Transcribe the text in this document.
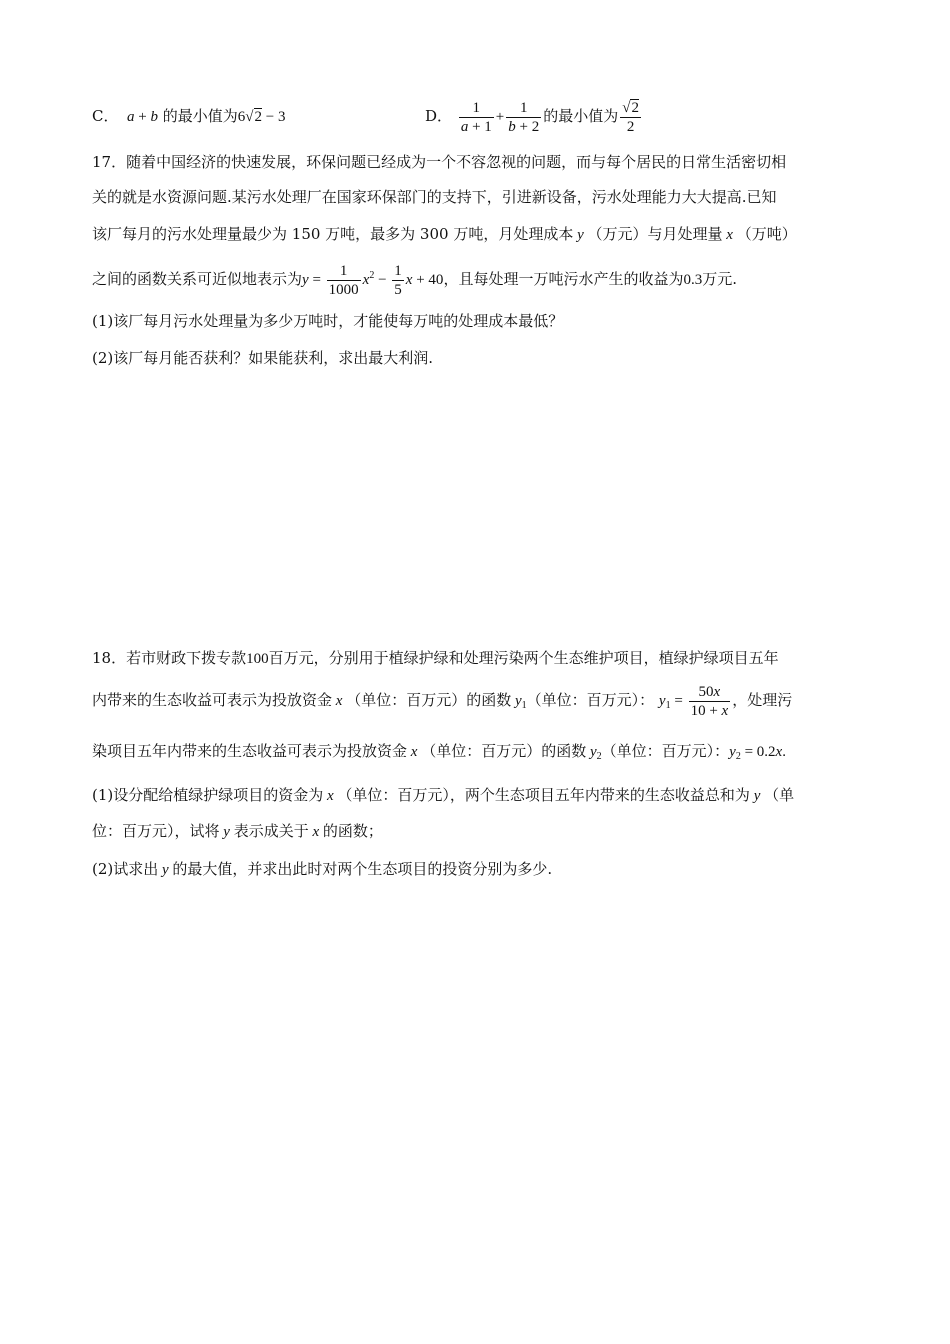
C．  a + b 的最小值为6√2 − 3	D． $\frac{1}{a + 1} + \frac{1}{b + 2}$ 的最小值为 $\frac{√2}{2}$
17．随着中国经济的快速发展，环保问题已经成为一个不容忽视的问题，而与每个居民的日常生活密切相
关的就是水资源问题.某污水处理厂在国家环保部门的支持下，引进新设备，污水处理能力大大提高.已知
该厂每月的污水处理量最少为 150 万吨，最多为 300 万吨，月处理成本 y （万元）与月处理量 x （万吨）
之间的函数关系可近似地表示为$y = \frac{1}{1000} x^2 - \frac{1}{5}$ x + 40，且每处理一万吨污水产生的收益为0.3万元.
(1)该厂每月污水处理量为多少万吨时，才能使每万吨的处理成本最低？
(2)该厂每月能否获利？如果能获利，求出最大利润.
18．若市财政下拨专款100百万元，分别用于植绿护绿和处理污染两个生态维护项目，植绿护绿项目五年
内带来的生态收益可表示为投放资金 x （单位：百万元）的函数 $y_1$（单位：百万元）： $y_1 = \frac{50x}{10 + x}$ ，处理污
染项目五年内带来的生态收益可表示为投放资金 x （单位：百万元）的函数 $y_2$（单位：百万元）：$y_2 = 0.2x$.
(1)设分配给植绿护绿项目的资金为 x （单位：百万元），两个生态项目五年内带来的生态收益总和为 y （单
位：百万元），试将 y 表示成关于 x 的函数；
(2)试求出 y 的最大值，并求出此时对两个生态项目的投资分别为多少.
